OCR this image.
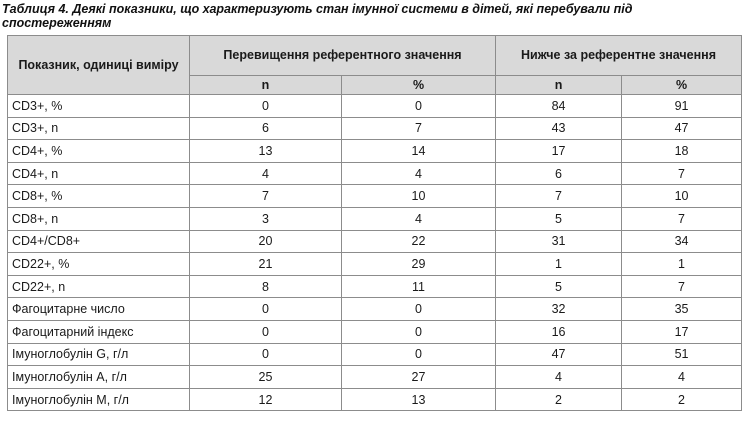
Таблиця 4. Деякі показники, що характеризують стан імунної системи в дітей, які перебували під спостереженням
Показник, одиниці виміру	Перевищення референтного значення		Нижче за референтне значення	
	n	%	n	%
CD3+, %	0	0	84	91
CD3+, n	6	7	43	47
CD4+, %	13	14	17	18
CD4+, n	4	4	6	7
CD8+, %	7	10	7	10
CD8+, n	3	4	5	7
CD4+/CD8+	20	22	31	34
CD22+, %	21	29	1	1
CD22+, n	8	11	5	7
Фагоцитарне число	0	0	32	35
Фагоцитарний індекс	0	0	16	17
Імуноглобулін G, г/л	0	0	47	51
Імуноглобулін А, г/л	25	27	4	4
Імуноглобулін М, г/л	12	13	2	2
